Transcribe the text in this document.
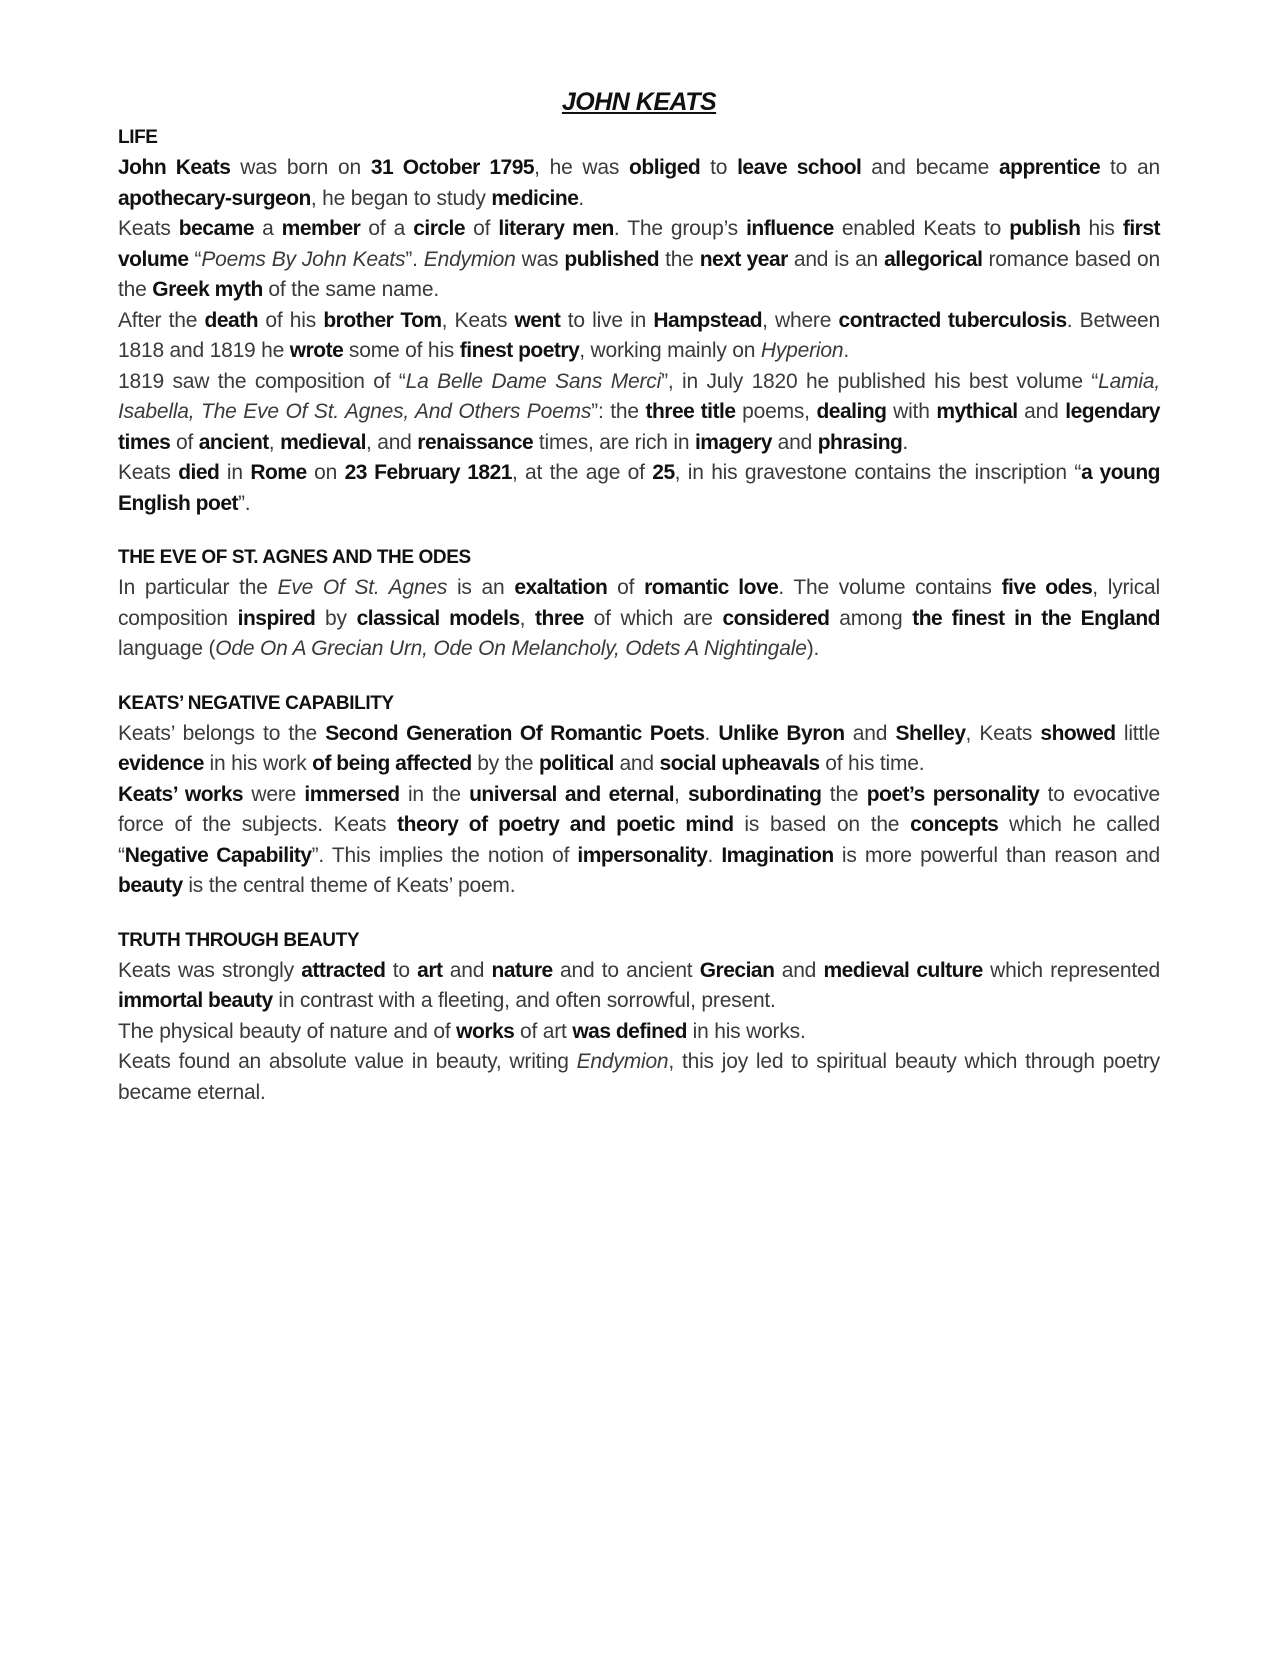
JOHN KEATS
LIFE

John Keats was born on 31 October 1795, he was obliged to leave school and became apprentice to an apothecary-surgeon, he began to study medicine.

Keats became a member of a circle of literary men. The group’s influence enabled Keats to publish his first volume “Poems By John Keats”. Endymion was published the next year and is an allegorical romance based on the Greek myth of the same name.

After the death of his brother Tom, Keats went to live in Hampstead, where contracted tuberculosis. Between 1818 and 1819 he wrote some of his finest poetry, working mainly on Hyperion.

1819 saw the composition of “La Belle Dame Sans Merci”, in July 1820 he published his best volume “Lamia, Isabella, The Eve Of St. Agnes, And Others Poems”: the three title poems, dealing with mythical and legendary times of ancient, medieval, and renaissance times, are rich in imagery and phrasing.

Keats died in Rome on 23 February 1821, at the age of 25, in his gravestone contains the inscription “a young English poet”.

THE EVE OF ST. AGNES AND THE ODES

In particular the Eve Of St. Agnes is an exaltation of romantic love. The volume contains five odes, lyrical composition inspired by classical models, three of which are considered among the finest in the England language (Ode On A Grecian Urn, Ode On Melancholy, Odets A Nightingale).

KEATS’ NEGATIVE CAPABILITY

Keats’ belongs to the Second Generation Of Romantic Poets. Unlike Byron and Shelley, Keats showed little evidence in his work of being affected by the political and social upheavals of his time.

Keats’ works were immersed in the universal and eternal, subordinating the poet’s personality to evocative force of the subjects. Keats theory of poetry and poetic mind is based on the concepts which he called “Negative Capability”. This implies the notion of impersonality. Imagination is more powerful than reason and beauty is the central theme of Keats’ poem.

TRUTH THROUGH BEAUTY

Keats was strongly attracted to art and nature and to ancient Grecian and medieval culture which represented immortal beauty in contrast with a fleeting, and often sorrowful, present.

The physical beauty of nature and of works of art was defined in his works.

Keats found an absolute value in beauty, writing Endymion, this joy led to spiritual beauty which through poetry became eternal.
